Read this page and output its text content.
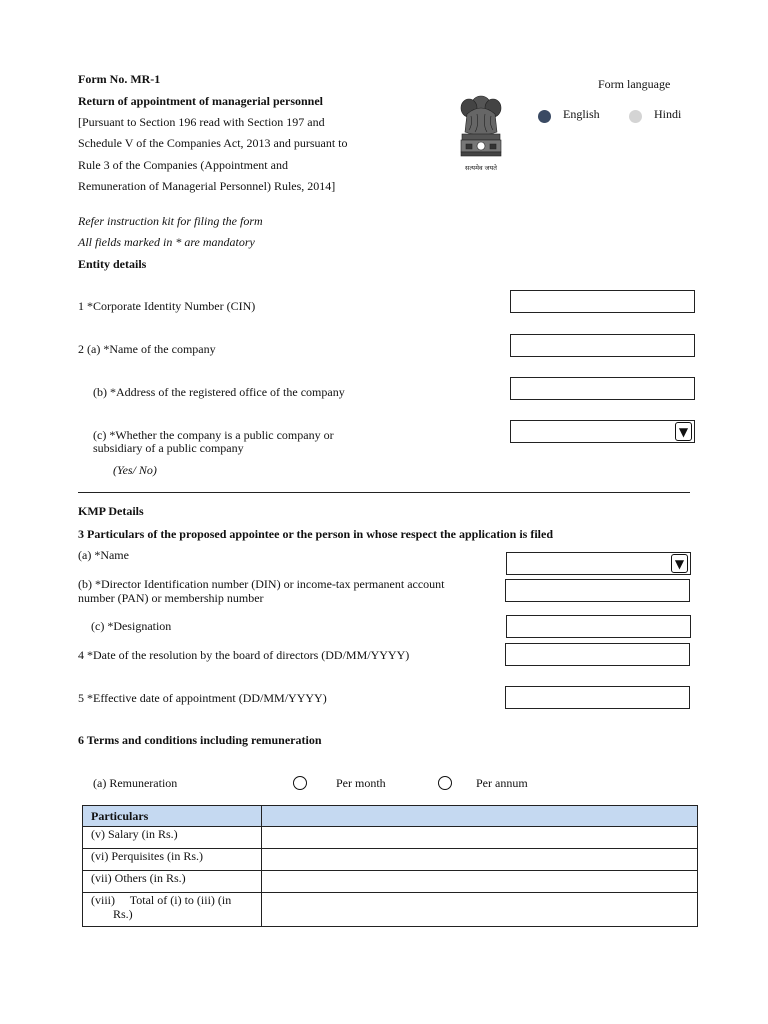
Form No. MR-1
Return of appointment of managerial personnel
[Pursuant to Section 196 read with Section 197 and
Schedule V of the Companies Act, 2013 and pursuant to
Rule 3 of the Companies (Appointment and
Remuneration of Managerial Personnel) Rules, 2014]
सत्यमेव जयते
Form language
English	Hindi
Refer instruction kit for filing the form
All fields marked in * are mandatory
Entity details
1 *Corporate Identity Number (CIN)
2 (a) *Name of the company
(b) *Address of the registered office of the company
(c) *Whether the company is a public company or
subsidiary of a public company
(Yes/ No)
▼
KMP Details
3 Particulars of the proposed appointee or the person in whose respect the application is filed
(a) *Name
▼
(b) *Director Identification number (DIN) or income-tax permanent account
number (PAN) or membership number
(c) *Designation
4 *Date of the resolution by the board of directors (DD/MM/YYYY)
5 *Effective date of appointment (DD/MM/YYYY)
6 Terms and conditions including remuneration
(a) Remuneration	Per month	Per annum
Particulars	
(v) Salary (in Rs.)	
(vi) Perquisites (in Rs.)	
(vii) Others (in Rs.)	

(viii)     Total of (i) to (iii) (in
Rs.)	
